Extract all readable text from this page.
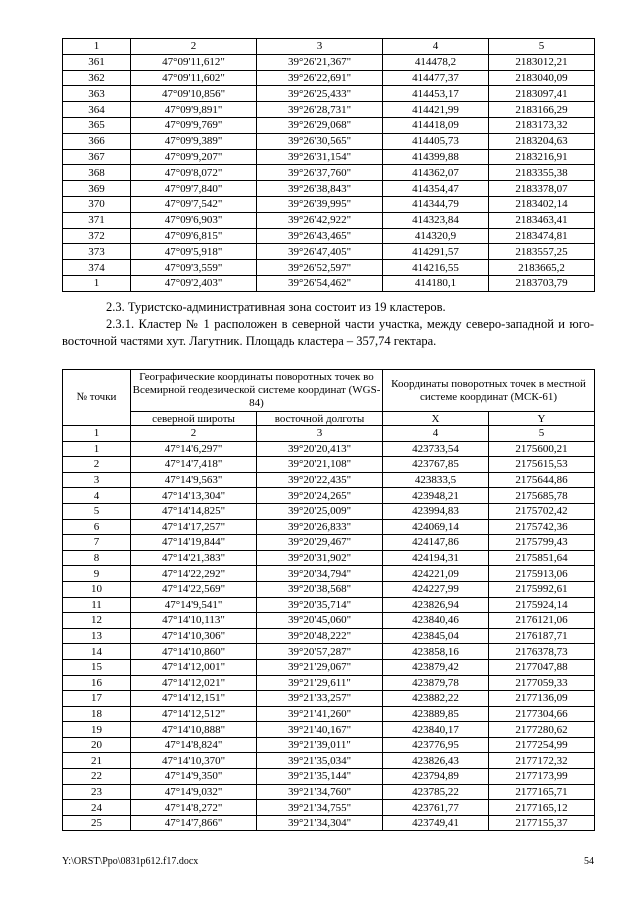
1	2	3	4	5
361	47°09'11,612"	39°26'21,367"	414478,2	2183012,21
362	47°09'11,602"	39°26'22,691"	414477,37	2183040,09
363	47°09'10,856"	39°26'25,433"	414453,17	2183097,41
364	47°09'9,891"	39°26'28,731"	414421,99	2183166,29
365	47°09'9,769"	39°26'29,068"	414418,09	2183173,32
366	47°09'9,389"	39°26'30,565"	414405,73	2183204,63
367	47°09'9,207"	39°26'31,154"	414399,88	2183216,91
368	47°09'8,072"	39°26'37,760"	414362,07	2183355,38
369	47°09'7,840"	39°26'38,843"	414354,47	2183378,07
370	47°09'7,542"	39°26'39,995"	414344,79	2183402,14
371	47°09'6,903"	39°26'42,922"	414323,84	2183463,41
372	47°09'6,815"	39°26'43,465"	414320,9	2183474,81
373	47°09'5,918"	39°26'47,405"	414291,57	2183557,25
374	47°09'3,559"	39°26'52,597"	414216,55	2183665,2
1	47°09'2,403"	39°26'54,462"	414180,1	2183703,79
2.3. Туристско-административная зона состоит из 19 кластеров.
2.3.1. Кластер № 1 расположен в северной части участка, между северо-западной и юго-восточной частями хут. Лагутник. Площадь кластера – 357,74 гектара.
№ точки	Географические координаты поворотных точек во Всемирной геодезической системе координат (WGS-84)		Координаты поворотных точек в местной системе координат (МСК-61)	
	северной широты	восточной долготы	X	Y
1	2	3	4	5
1	47°14'6,297"	39°20'20,413"	423733,54	2175600,21
2	47°14'7,418"	39°20'21,108"	423767,85	2175615,53
3	47°14'9,563"	39°20'22,435"	423833,5	2175644,86
4	47°14'13,304"	39°20'24,265"	423948,21	2175685,78
5	47°14'14,825"	39°20'25,009"	423994,83	2175702,42
6	47°14'17,257"	39°20'26,833"	424069,14	2175742,36
7	47°14'19,844"	39°20'29,467"	424147,86	2175799,43
8	47°14'21,383"	39°20'31,902"	424194,31	2175851,64
9	47°14'22,292"	39°20'34,794"	424221,09	2175913,06
10	47°14'22,569"	39°20'38,568"	424227,99	2175992,61
11	47°14'9,541"	39°20'35,714"	423826,94	2175924,14
12	47°14'10,113"	39°20'45,060"	423840,46	2176121,06
13	47°14'10,306"	39°20'48,222"	423845,04	2176187,71
14	47°14'10,860"	39°20'57,287"	423858,16	2176378,73
15	47°14'12,001"	39°21'29,067"	423879,42	2177047,88
16	47°14'12,021"	39°21'29,611"	423879,78	2177059,33
17	47°14'12,151"	39°21'33,257"	423882,22	2177136,09
18	47°14'12,512"	39°21'41,260"	423889,85	2177304,66
19	47°14'10,888"	39°21'40,167"	423840,17	2177280,62
20	47°14'8,824"	39°21'39,011"	423776,95	2177254,99
21	47°14'10,370"	39°21'35,034"	423826,43	2177172,32
22	47°14'9,350"	39°21'35,144"	423794,89	2177173,99
23	47°14'9,032"	39°21'34,760"	423785,22	2177165,71
24	47°14'8,272"	39°21'34,755"	423761,77	2177165,12
25	47°14'7,866"	39°21'34,304"	423749,41	2177155,37
Y:\ORST\Ppo\0831p612.f17.docx	54
